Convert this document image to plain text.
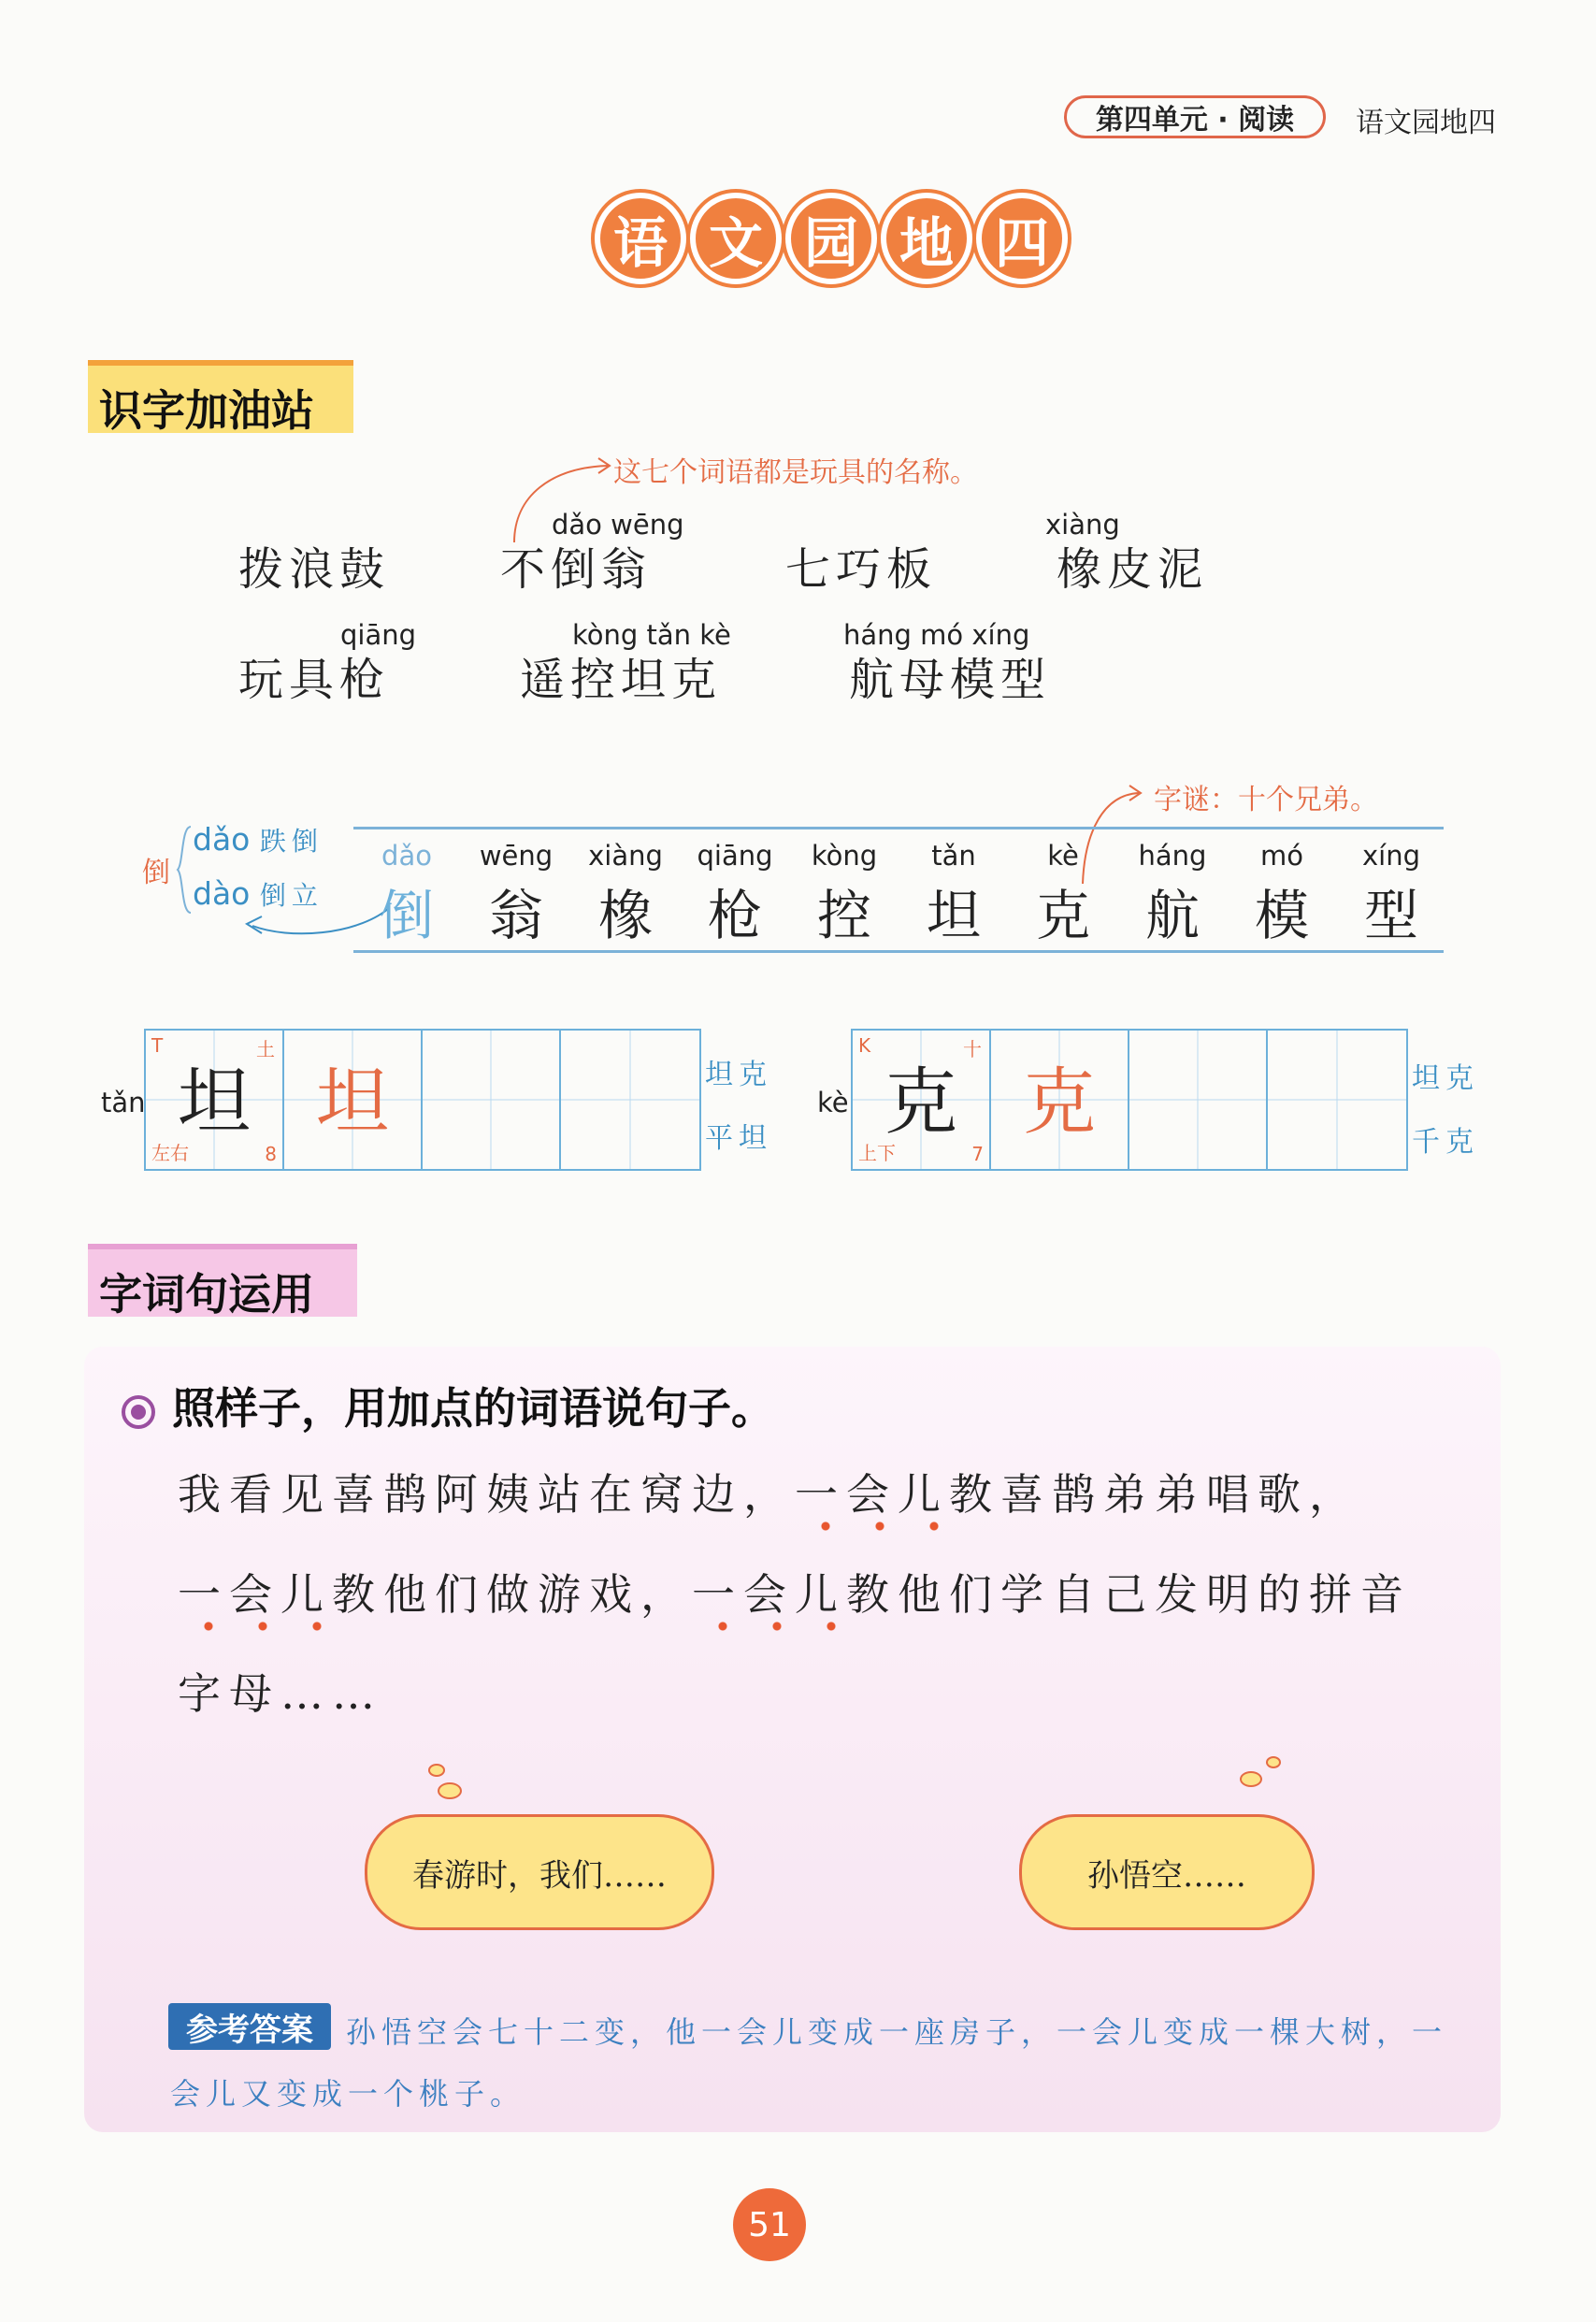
第四单元 · 阅读	语文园地四
语 文 园 地 四
识字加油站
这七个词语都是玩具的名称。
拨浪鼓
dǎo wēng
不倒翁	七巧板
xiàng
橡皮泥
qiāng
玩具枪
kòng tǎn kè
遥控坦克
háng mó xíng
航母模型
字谜：十个兄弟。
倒
dǎo 跌倒
dào 倒立
dǎo
倒
wēng
翁
xiàng
橡
qiāng
枪
kòng
控
tǎn
坦
kè
克
háng
航
mó
模
xíng
型
tǎn
T	土
坦
左右	8
坦	坦克
平坦
kè
K	十
克
上下	7
克	坦克
千克
字词句运用
照样子，用加点的词语说句子。
我看见喜鹊阿姨站在窝边，一会儿
教喜鹊弟弟唱歌，
一会儿
教他们做游戏，一会儿
教他们学自己发明的拼音
字母……
春游时，我们……	孙悟空……
参考答案	孙悟空会七十二变，他一会儿变成一座房子，一会儿变成一棵大树，一
会儿又变成一个桃子。
51
